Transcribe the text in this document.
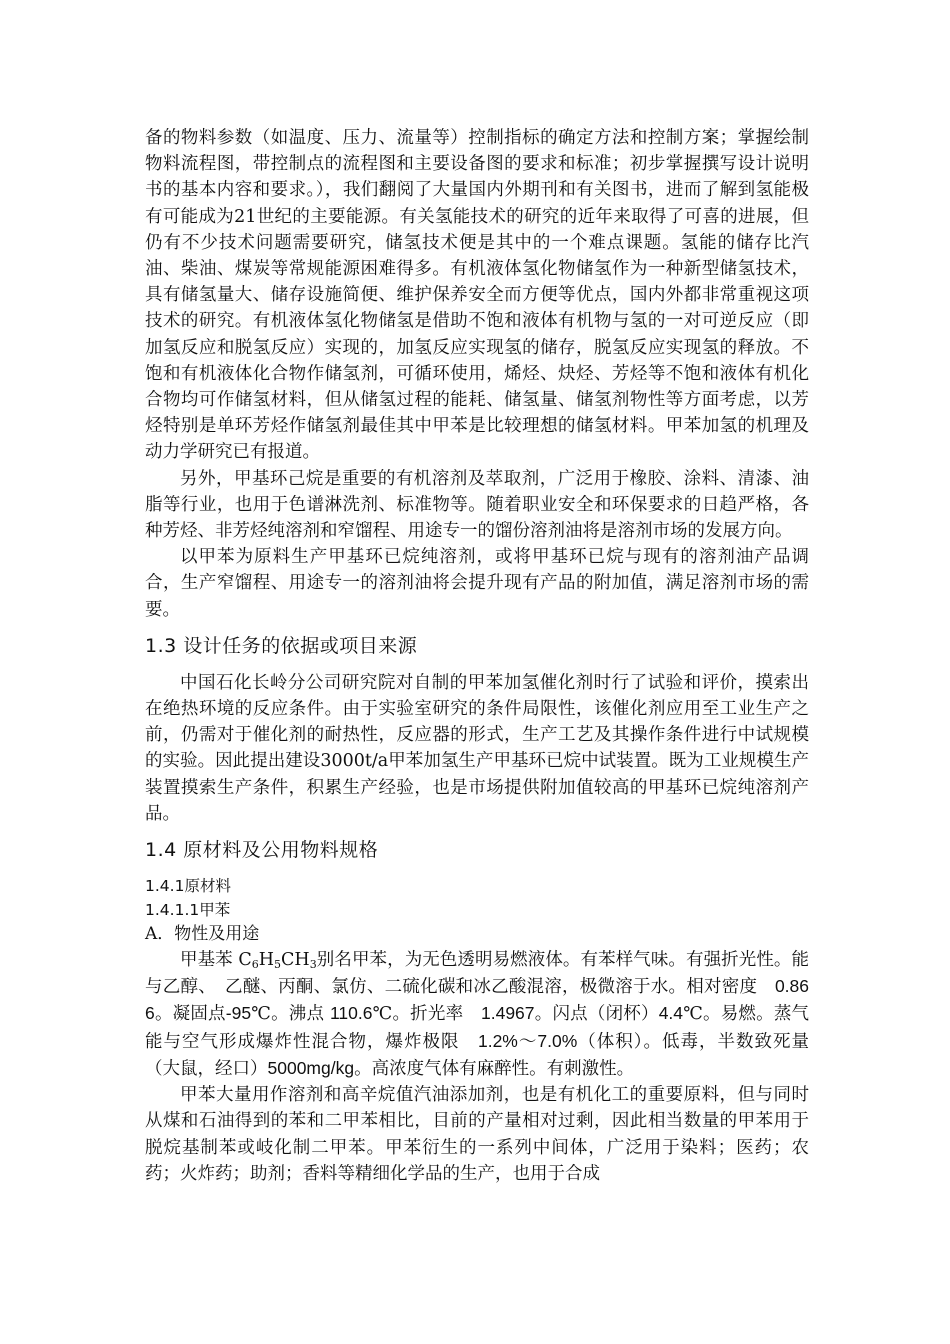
备的物料参数（如温度、压力、流量等）控制指标的确定方法和控制方案；掌握绘制物料流程图，带控制点的流程图和主要设备图的要求和标准；初步掌握撰写设计说明书的基本内容和要求。），我们翻阅了大量国内外期刊和有关图书，进而了解到氢能极有可能成为21世纪的主要能源。有关氢能技术的研究的近年来取得了可喜的进展，但仍有不少技术问题需要研究，储氢技术便是其中的一个难点课题。氢能的储存比汽油、柴油、煤炭等常规能源困难得多。有机液体氢化物储氢作为一种新型储氢技术，具有储氢量大、储存设施简便、维护保养安全而方便等优点，国内外都非常重视这项技术的研究。有机液体氢化物储氢是借助不饱和液体有机物与氢的一对可逆反应（即加氢反应和脱氢反应）实现的，加氢反应实现氢的储存，脱氢反应实现氢的释放。不饱和有机液体化合物作储氢剂，可循环使用，烯烃、炔烃、芳烃等不饱和液体有机化合物均可作储氢材料，但从储氢过程的能耗、储氢量、储氢剂物性等方面考虑，以芳烃特别是单环芳烃作储氢剂最佳其中甲苯是比较理想的储氢材料。甲苯加氢的机理及动力学研究已有报道。

另外，甲基环己烷是重要的有机溶剂及萃取剂，广泛用于橡胶、涂料、清漆、油脂等行业，也用于色谱淋洗剂、标准物等。随着职业安全和环保要求的日趋严格，各种芳烃、非芳烃纯溶剂和窄馏程、用途专一的馏份溶剂油将是溶剂市场的发展方向。

以甲苯为原料生产甲基环已烷纯溶剂，或将甲基环已烷与现有的溶剂油产品调合，生产窄馏程、用途专一的溶剂油将会提升现有产品的附加值，满足溶剂市场的需要。

1.3 设计任务的依据或项目来源

中国石化长岭分公司研究院对自制的甲苯加氢催化剂时行了试验和评价，摸索出在绝热环境的反应条件。由于实验室研究的条件局限性，该催化剂应用至工业生产之前，仍需对于催化剂的耐热性，反应器的形式，生产工艺及其操作条件进行中试规模的实验。因此提出建设3000t/a甲苯加氢生产甲基环已烷中试装置。既为工业规模生产装置摸索生产条件，积累生产经验，也是市场提供附加值较高的甲基环已烷纯溶剂产品。

1.4 原材料及公用物料规格

1.4.1原材料

1.4.1.1甲苯

A．物性及用途

甲基苯 $C_6H_5CH_3$别名甲苯，为无色透明易燃液体。有苯样气味。有强折光性。能与乙醇、　乙醚、丙酮、氯仿、二硫化碳和冰乙酸混溶，极微溶于水。相对密度　0.866。凝固点-95℃。沸点 110.6℃。折光率　1.4967。闪点（闭杯）4.4℃。易燃。蒸气能与空气形成爆炸性混合物，爆炸极限　1.2%～7.0%（体积）。低毒，半数致死量（大鼠，经口）5000mg/kg。高浓度气体有麻醉性。有刺激性。

甲苯大量用作溶剂和高辛烷值汽油添加剂，也是有机化工的重要原料，但与同时从煤和石油得到的苯和二甲苯相比，目前的产量相对过剩，因此相当数量的甲苯用于脱烷基制苯或岐化制二甲苯。甲苯衍生的一系列中间体，广泛用于染料；医药；农药；火炸药；助剂；香料等精细化学品的生产，也用于合成
